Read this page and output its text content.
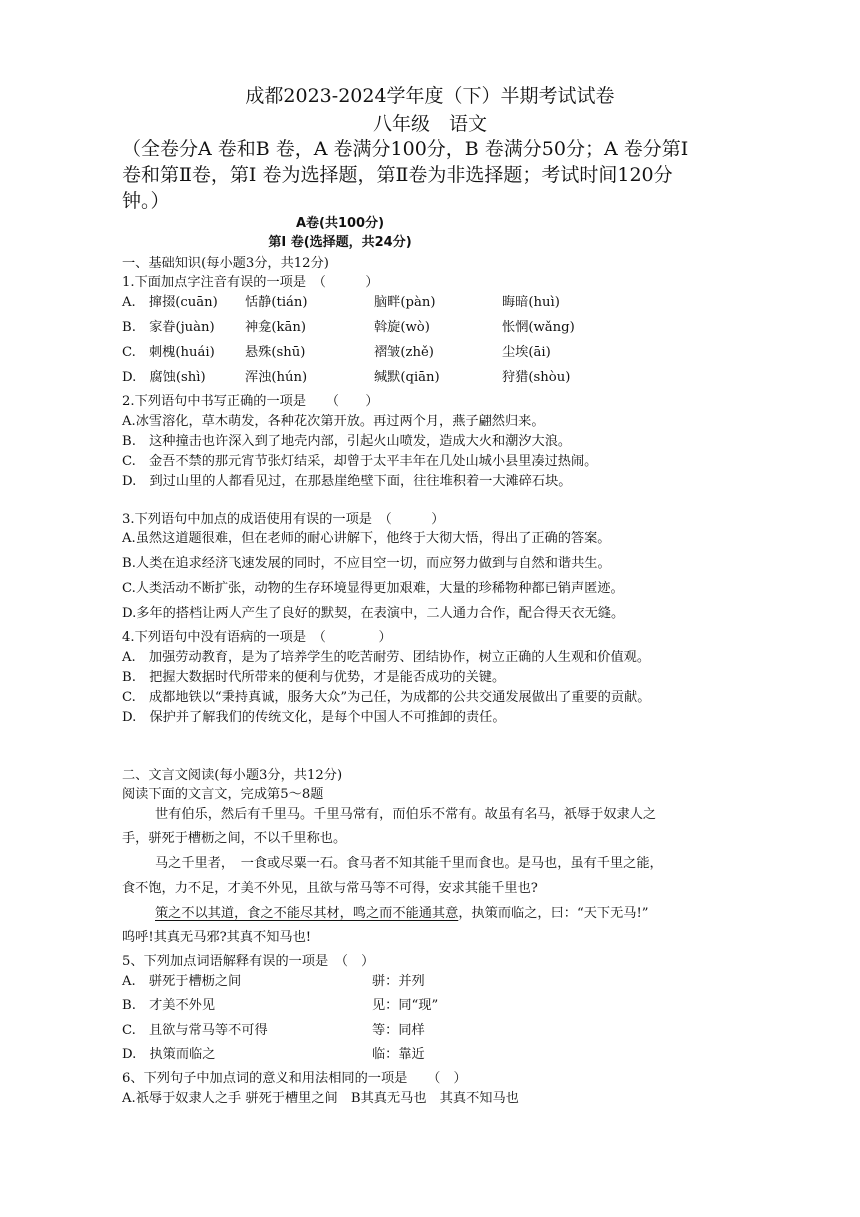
成都2023-2024学年度（下）半期考试试卷
八年级　语文
（全卷分A 卷和B 卷，A 卷满分100分，B 卷满分50分；A 卷分第Ⅰ
卷和第Ⅱ卷，第Ⅰ 卷为选择题，第Ⅱ卷为非选择题；考试时间120分
钟。）
A卷(共100分)
第Ⅰ 卷(选择题，共24分)
一、基础知识(每小题3分，共12分)
1.下面加点字注音有误的一项是　（　　　）
A.　撺掇(cuān) 恬静(tián)	脑畔(pàn)	晦暗(huì)
B.　家眷(juàn) 神龛(kān)	斡旋(wò)	怅惘(wǎng)
C.　刺槐(huái) 悬殊(shū)	褶皱(zhě)	尘埃(āi)
D.　腐蚀(shì)	浑浊(hún)	缄默(qiān)	狩猎(shòu)
2.下列语句中书写正确的一项是　　（　　）
A.冰雪溶化，草木萌发，各种花次第开放。再过两个月，燕子翩然归来。
B.　这种撞击也许深入到了地壳内部，引起火山喷发，造成大火和潮汐大浪。
C.　金吾不禁的那元宵节张灯结采，却曾于太平丰年在几处山城小县里凑过热闹。
D.　到过山里的人都看见过，在那悬崖绝壁下面，往往堆积着一大滩碎石块。
3.下列语句中加点的成语使用有误的一项是　（　　　）
A.虽然这道题很难，但在老师的耐心讲解下，他终于大彻大悟，得出了正确的答案。
B.人类在追求经济飞速发展的同时，不应目空一切，而应努力做到与自然和谐共生。
C.人类活动不断扩张，动物的生存环境显得更加艰难，大量的珍稀物种都已销声匿迹。
D.多年的搭档让两人产生了良好的默契，在表演中，二人通力合作，配合得天衣无缝。
4.下列语句中没有语病的一项是　（　　　　）
A.　加强劳动教育，是为了培养学生的吃苦耐劳、团结协作，树立正确的人生观和价值观。
B.　把握大数据时代所带来的便利与优势，才是能否成功的关键。
C.　成都地铁以“秉持真诚，服务大众”为己任，为成都的公共交通发展做出了重要的贡献。
D.　保护并了解我们的传统文化，是每个中国人不可推卸的责任。
二、文言文阅读(每小题3分，共12分)
阅读下面的文言文，完成第5～8题
世有伯乐，然后有千里马。千里马常有，而伯乐不常有。故虽有名马，祇辱于奴隶人之
手，骈死于槽枥之间，不以千里称也。
马之千里者，　一食或尽粟一石。食马者不知其能千里而食也。是马也，虽有千里之能，
食不饱，力不足，才美不外见，且欲与常马等不可得，安求其能千里也?
策之不以其道，食之不能尽其材，鸣之而不能通其意，执策而临之，曰：“天下无马!”
呜呼!其真无马邪?其真不知马也!
5、下列加点词语解释有误的一项是　（　）
A.　骈死于槽枥之间	骈：并列
B.　才美不外见	见：同“现”
C.　且欲与常马等不可得	等：同样
D.　执策而临之	临：靠近
6、下列句子中加点词的意义和用法相同的一项是　　（　）
A.祇辱于奴隶人之手 骈死于槽里之间　B其真无马也　其真不知马也
